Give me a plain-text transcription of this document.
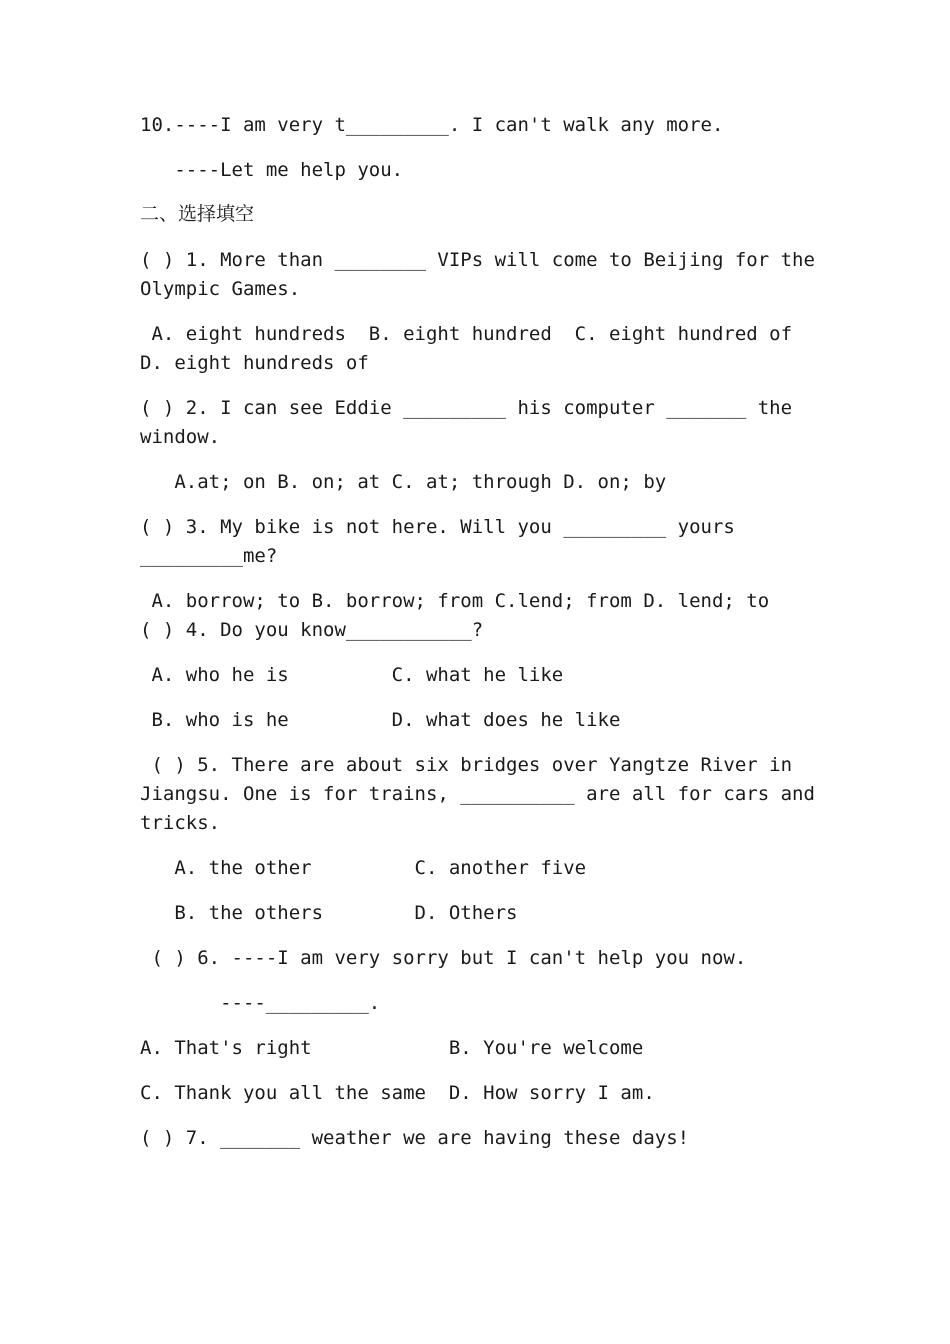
10.----I am very t_________. I can't walk any more.

----Let me help you.

二、选择填空

( ) 1. More than ________ VIPs will come to Beijing for the

Olympic Games.

A. eight hundreds  B. eight hundred  C. eight hundred of

D. eight hundreds of

( ) 2. I can see Eddie _________ his computer _______ the

window.

A.at; on B. on; at C. at; through D. on; by

( ) 3. My bike is not here. Will you _________ yours

_________me?

A. borrow; to B. borrow; from C.lend; from D. lend; to

( ) 4. Do you know___________?

A. who he is         C. what he like

B. who is he         D. what does he like

( ) 5. There are about six bridges over Yangtze River in

Jiangsu. One is for trains, __________ are all for cars and

tricks.

A. the other         C. another five

B. the others        D. Others

( ) 6. ----I am very sorry but I can't help you now.

----_________.

A. That's right            B. You're welcome

C. Thank you all the same  D. How sorry I am.

( ) 7. _______ weather we are having these days!
